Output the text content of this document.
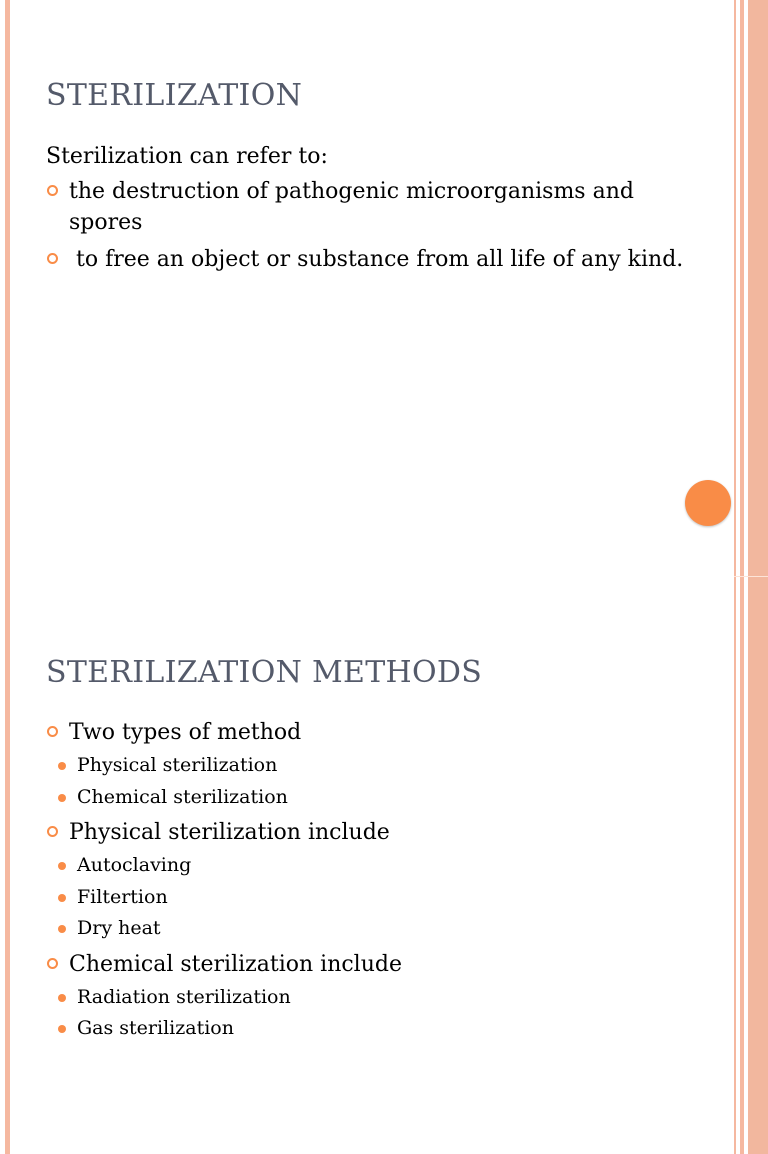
STERILIZATION

Sterilization can refer to:

the destruction of pathogenic microorganisms and spores
to free an object or substance from all life of any kind.
STERILIZATION METHODS
Two types of method
Physical sterilization
Chemical sterilization
Physical sterilization include
Autoclaving
Filtertion
Dry heat
Chemical sterilization include
Radiation sterilization
Gas sterilization
